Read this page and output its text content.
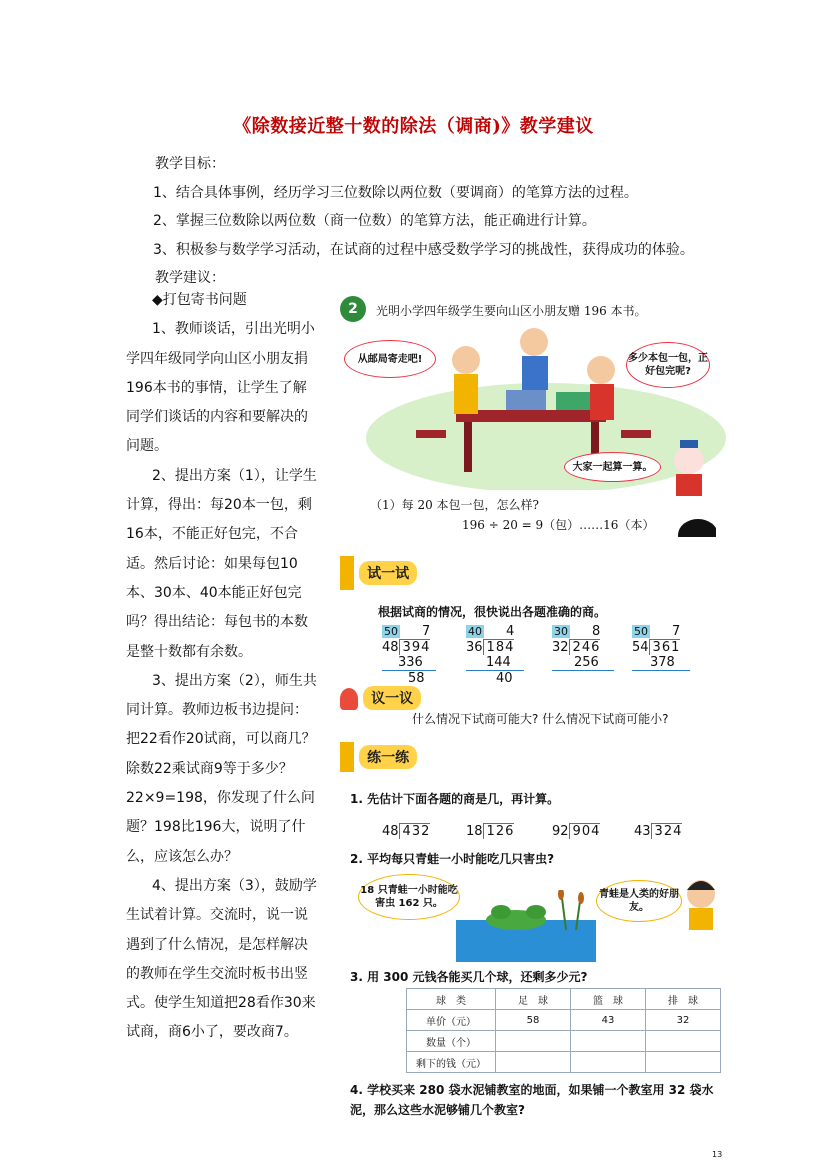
《除数接近整十数的除法（调商)》教学建议
教学目标：
1、结合具体事例，经历学习三位数除以两位数（要调商）的笔算方法的过程。
2、掌握三位数除以两位数（商一位数）的笔算方法，能正确进行计算。
3、积极参与数学学习活动，在试商的过程中感受数学学习的挑战性，获得成功的体验。
教学建议：

◆打包寄书问题

1、教师谈话，引出光明小学四年级同学向山区小朋友捐196本书的事情，让学生了解同学们谈话的内容和要解决的问题。

2、提出方案（1），让学生计算，得出：每20本一包，剩16本，不能正好包完，不合适。然后讨论：如果每包10本、30本、40本能正好包完吗？得出结论：每包书的本数是整十数都有余数。

3、提出方案（2），师生共同计算。教师边板书边提问：把22看作20试商，可以商几？除数22乘试商9等于多少？22×9=198，你发现了什么问题？198比196大，说明了什么，应该怎么办？

4、提出方案（3），鼓励学生试着计算。交流时，说一说遇到了什么情况，是怎样解决的教师在学生交流时板书出竖式。使学生知道把28看作30来试商，商6小了，要改商7。

2	光明小学四年级学生要向山区小朋友赠 196 本书。
从邮局寄走吧!	多少本包一包，正好包完呢?
大家一起算一算。
（1）每 20 本包一包，怎么样?
196 ÷ 20 = 9（包）……16（本）
试一试
根据试商的情况，很快说出各题准确的商。
50 7
48 394
336
58
40 4
36 184
144
40
30 8
32 246
256
50 7
54 361
378
议一议
什么情况下试商可能大? 什么情况下试商可能小?
练一练
1. 先估计下面各题的商是几，再计算。
48 432	18 126	92 904	43 324
2. 平均每只青蛙一小时能吃几只害虫?
18 只青蛙一小时能吃害虫 162 只。
青蛙是人类的好朋友。
3. 用 300 元钱各能买几个球，还剩多少元?
球　类	足　球	篮　球	排　球
单价（元）	58	43	32
数量（个）			
剩下的钱（元）			
4. 学校买来 280 袋水泥铺教室的地面，如果铺一个教室用 32 袋水泥，那么这些水泥够铺几个教室?
13
